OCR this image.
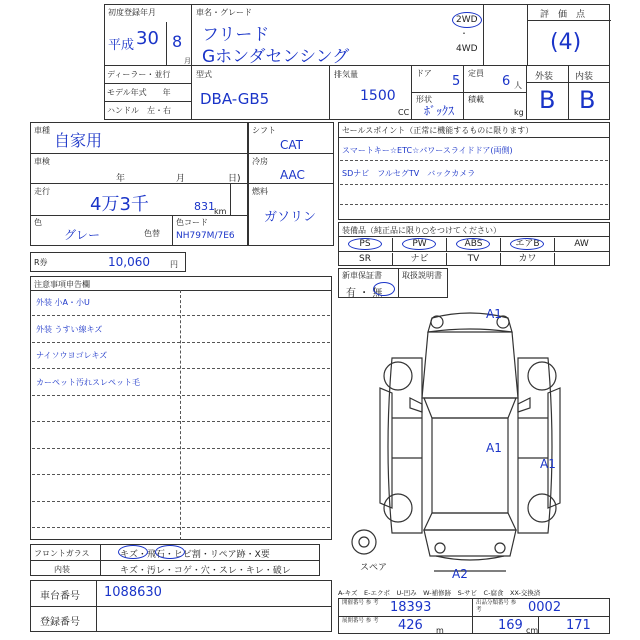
初度登録年月
平成 30 8
月
車名・グレード
フリード
Gホンダセンシング
2WD
・
4WD
評　価　点
(4)
ディーラー・並行
モデル年式　　年
ハンドル　左・右
型式
DBA-GB5
排気量
1500
CC
ドア
5
形状
ﾎﾞｯｸｽ
定員
6 人
積載
kg
外装 内装
B B
車種
自家用
車検
年	月	日)
走行
4万3千	831 km
色
グレー	色替
色コード
NH797M/7E6
シフト
CAT
冷房
AAC
燃料
ガソリン
R券	10,060	円
セールスポイント（正常に機能するものに限ります）
スマートキー☆ETC☆パワースライドドア(両側)
SDナビ　フルセグTV　バックカメラ
装備品（純正品に限り○をつけてください）
PS	PW	ABS	エアB	AW
SR	ナビ	TV	カワ
新車保証書	取扱説明書
有 ・ 無
注意事項申告欄
外装 小A・小U
外装 うすい線キズ
ナイソウヨゴレキズ
カーペット汚れスレペット毛
A1
A1
A1
A2
スペア
フロントガラス	キズ・飛石・ヒビ割・リペア跡・X要
内装	キズ・汚レ・コゲ・穴・スレ・キレ・破レ
車台番号 1088630
登録番号
A-キズ　E-エクボ　U-凹み　W-補修跡　S-サビ　C-腐食　XX-交換済
開催番号 参 考 18393	出品分類番号 参 考	0002
展開番号 参 考 426 m	169 cm 171
